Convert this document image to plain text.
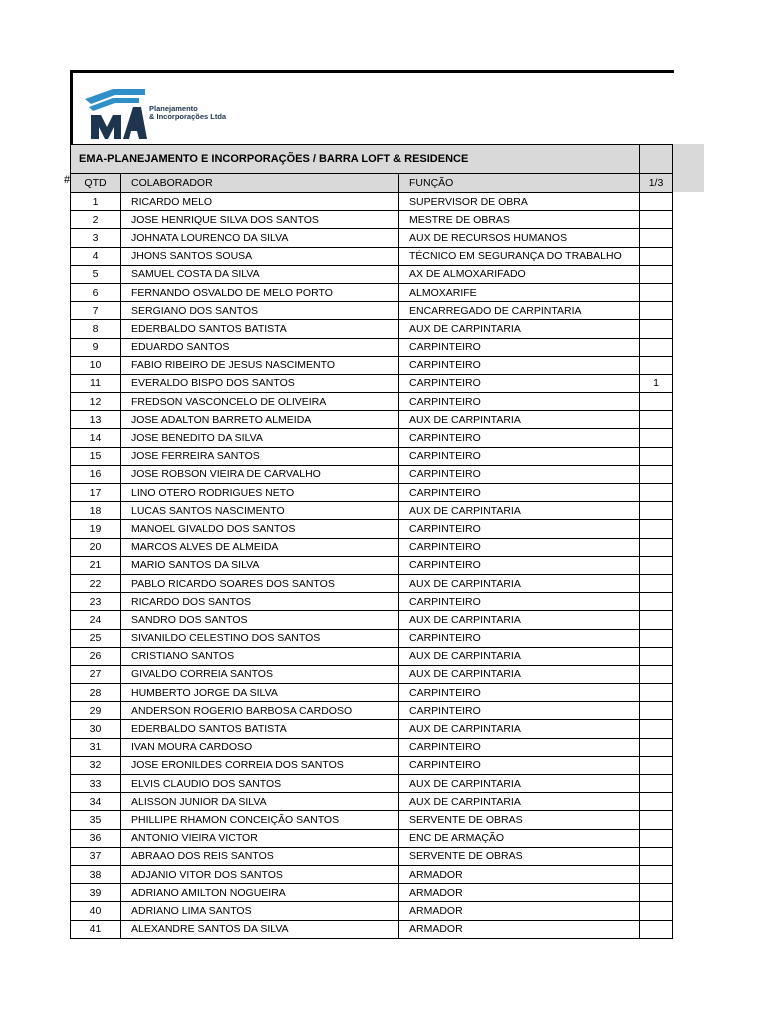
Planejamento
& Incorporações Ltda
#
EMA-PLANEJAMENTO E INCORPORAÇÕES / BARRA LOFT & RESIDENCE			
QTD	COLABORADOR	FUNÇÃO	1/3
1	RICARDO MELO	SUPERVISOR DE OBRA	
2	JOSE HENRIQUE SILVA DOS SANTOS	MESTRE DE OBRAS	
3	JOHNATA LOURENCO DA SILVA	AUX DE RECURSOS HUMANOS	
4	JHONS SANTOS SOUSA	TÉCNICO EM SEGURANÇA DO TRABALHO	
5	SAMUEL COSTA DA SILVA	AX DE ALMOXARIFADO	
6	FERNANDO OSVALDO DE MELO PORTO	ALMOXARIFE	
7	SERGIANO DOS SANTOS	ENCARREGADO DE CARPINTARIA	
8	EDERBALDO SANTOS BATISTA	AUX DE CARPINTARIA	
9	EDUARDO SANTOS	CARPINTEIRO	
10	FABIO RIBEIRO DE JESUS NASCIMENTO	CARPINTEIRO	
11	EVERALDO BISPO DOS SANTOS	CARPINTEIRO	1
12	FREDSON VASCONCELO DE OLIVEIRA	CARPINTEIRO	
13	JOSE ADALTON BARRETO ALMEIDA	AUX DE CARPINTARIA	
14	JOSE BENEDITO DA SILVA	CARPINTEIRO	
15	JOSE FERREIRA SANTOS	CARPINTEIRO	
16	JOSE ROBSON VIEIRA DE CARVALHO	CARPINTEIRO	
17	LINO OTERO RODRIGUES NETO	CARPINTEIRO	
18	LUCAS SANTOS NASCIMENTO	AUX DE CARPINTARIA	
19	MANOEL GIVALDO DOS SANTOS	CARPINTEIRO	
20	MARCOS ALVES DE ALMEIDA	CARPINTEIRO	
21	MARIO SANTOS DA SILVA	CARPINTEIRO	
22	PABLO RICARDO SOARES DOS SANTOS	AUX DE CARPINTARIA	
23	RICARDO DOS SANTOS	CARPINTEIRO	
24	SANDRO DOS SANTOS	AUX DE CARPINTARIA	
25	SIVANILDO CELESTINO DOS SANTOS	CARPINTEIRO	
26	CRISTIANO SANTOS	AUX DE CARPINTARIA	
27	GIVALDO CORREIA SANTOS	AUX DE CARPINTARIA	
28	HUMBERTO JORGE DA SILVA	CARPINTEIRO	
29	ANDERSON ROGERIO BARBOSA CARDOSO	CARPINTEIRO	
30	EDERBALDO SANTOS BATISTA	AUX DE CARPINTARIA	
31	IVAN MOURA CARDOSO	CARPINTEIRO	
32	JOSE ERONILDES CORREIA DOS SANTOS	CARPINTEIRO	
33	ELVIS CLAUDIO DOS SANTOS	AUX DE CARPINTARIA	
34	ALISSON JUNIOR DA SILVA	AUX DE CARPINTARIA	
35	PHILLIPE RHAMON CONCEIÇÃO SANTOS	SERVENTE DE OBRAS	
36	ANTONIO VIEIRA VICTOR	ENC DE ARMAÇÃO	
37	ABRAAO DOS REIS SANTOS	SERVENTE DE OBRAS	
38	ADJANIO VITOR DOS SANTOS	ARMADOR	
39	ADRIANO AMILTON NOGUEIRA	ARMADOR	
40	ADRIANO LIMA SANTOS	ARMADOR	
41	ALEXANDRE SANTOS DA SILVA	ARMADOR	
